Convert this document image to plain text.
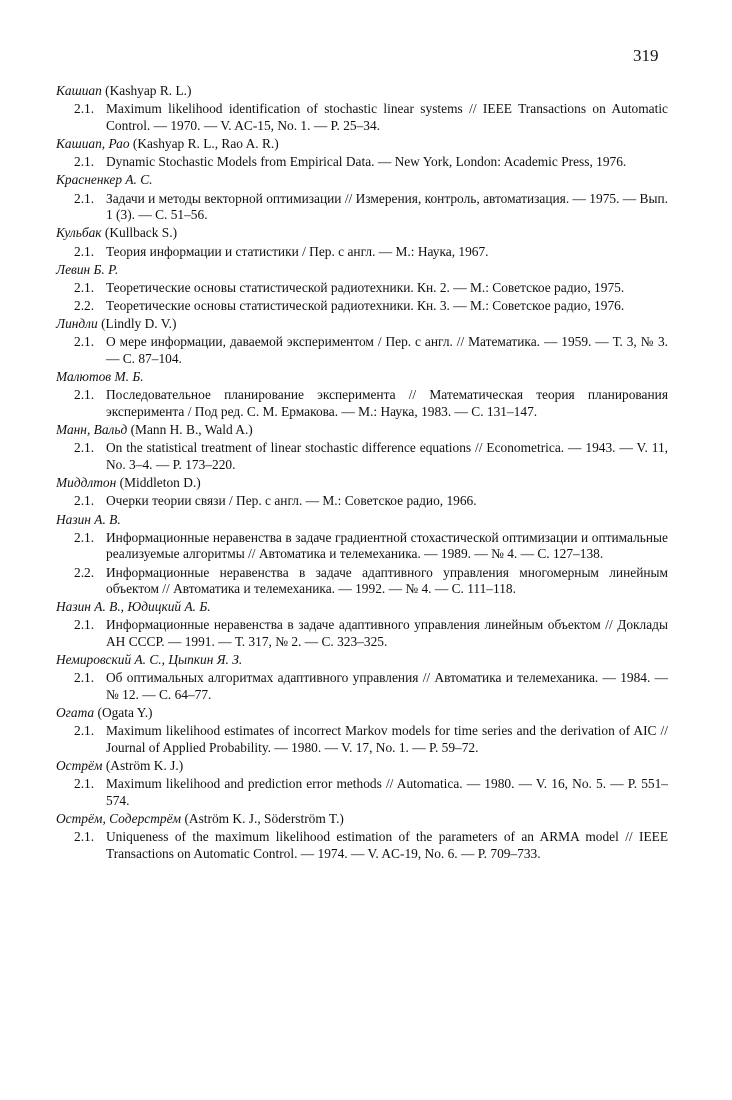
319
Кашиап (Kashyap R. L.)
2.1. Maximum likelihood identification of stochastic linear systems // IEEE Transactions on Automatic Control. — 1970. — V. AC-15, No. 1. — P. 25–34.
Кашиап, Рао (Kashyap R. L., Rao A. R.)
2.1. Dynamic Stochastic Models from Empirical Data. — New York, London: Academic Press, 1976.
Красненкер А. С.
2.1. Задачи и методы векторной оптимизации // Измерения, контроль, автоматизация. — 1975. — Вып. 1 (3). — С. 51–56.
Кульбак (Kullback S.)
2.1. Теория информации и статистики / Пер. с англ. — М.: Наука, 1967.
Левин Б. Р.
2.1. Теоретические основы статистической радиотехники. Кн. 2. — М.: Советское радио, 1975.
2.2. Теоретические основы статистической радиотехники. Кн. 3. — М.: Советское радио, 1976.
Линдли (Lindly D. V.)
2.1. О мере информации, даваемой экспериментом / Пер. с англ. // Математика. — 1959. — Т. 3, № 3. — С. 87–104.
Малютов М. Б.
2.1. Последовательное планирование эксперимента // Математическая теория планирования эксперимента / Под ред. С. М. Ермакова. — М.: Наука, 1983. — С. 131–147.
Манн, Вальд (Mann H. B., Wald A.)
2.1. On the statistical treatment of linear stochastic difference equations // Econometrica. — 1943. — V. 11, No. 3–4. — P. 173–220.
Миддлтон (Middleton D.)
2.1. Очерки теории связи / Пер. с англ. — М.: Советское радио, 1966.
Назин А. В.
2.1. Информационные неравенства в задаче градиентной стохастической оптимизации и оптимальные реализуемые алгоритмы // Автоматика и телемеханика. — 1989. — № 4. — С. 127–138.
2.2. Информационные неравенства в задаче адаптивного управления многомерным линейным объектом // Автоматика и телемеханика. — 1992. — № 4. — С. 111–118.
Назин А. В., Юдицкий А. Б.
2.1. Информационные неравенства в задаче адаптивного управления линейным объектом // Доклады АН СССР. — 1991. — Т. 317, № 2. — С. 323–325.
Немировский А. С., Цыпкин Я. З.
2.1. Об оптимальных алгоритмах адаптивного управления // Автоматика и телемеханика. — 1984. — № 12. — С. 64–77.
Огата (Ogata Y.)
2.1. Maximum likelihood estimates of incorrect Markov models for time series and the derivation of AIC // Journal of Applied Probability. — 1980. — V. 17, No. 1. — P. 59–72.
Острём (Aström K. J.)
2.1. Maximum likelihood and prediction error methods // Automatica. — 1980. — V. 16, No. 5. — P. 551–574.
Острём, Содерстрём (Aström K. J., Söderström T.)
2.1. Uniqueness of the maximum likelihood estimation of the parameters of an ARMA model // IEEE Transactions on Automatic Control. — 1974. — V. AC-19, No. 6. — P. 709–733.
